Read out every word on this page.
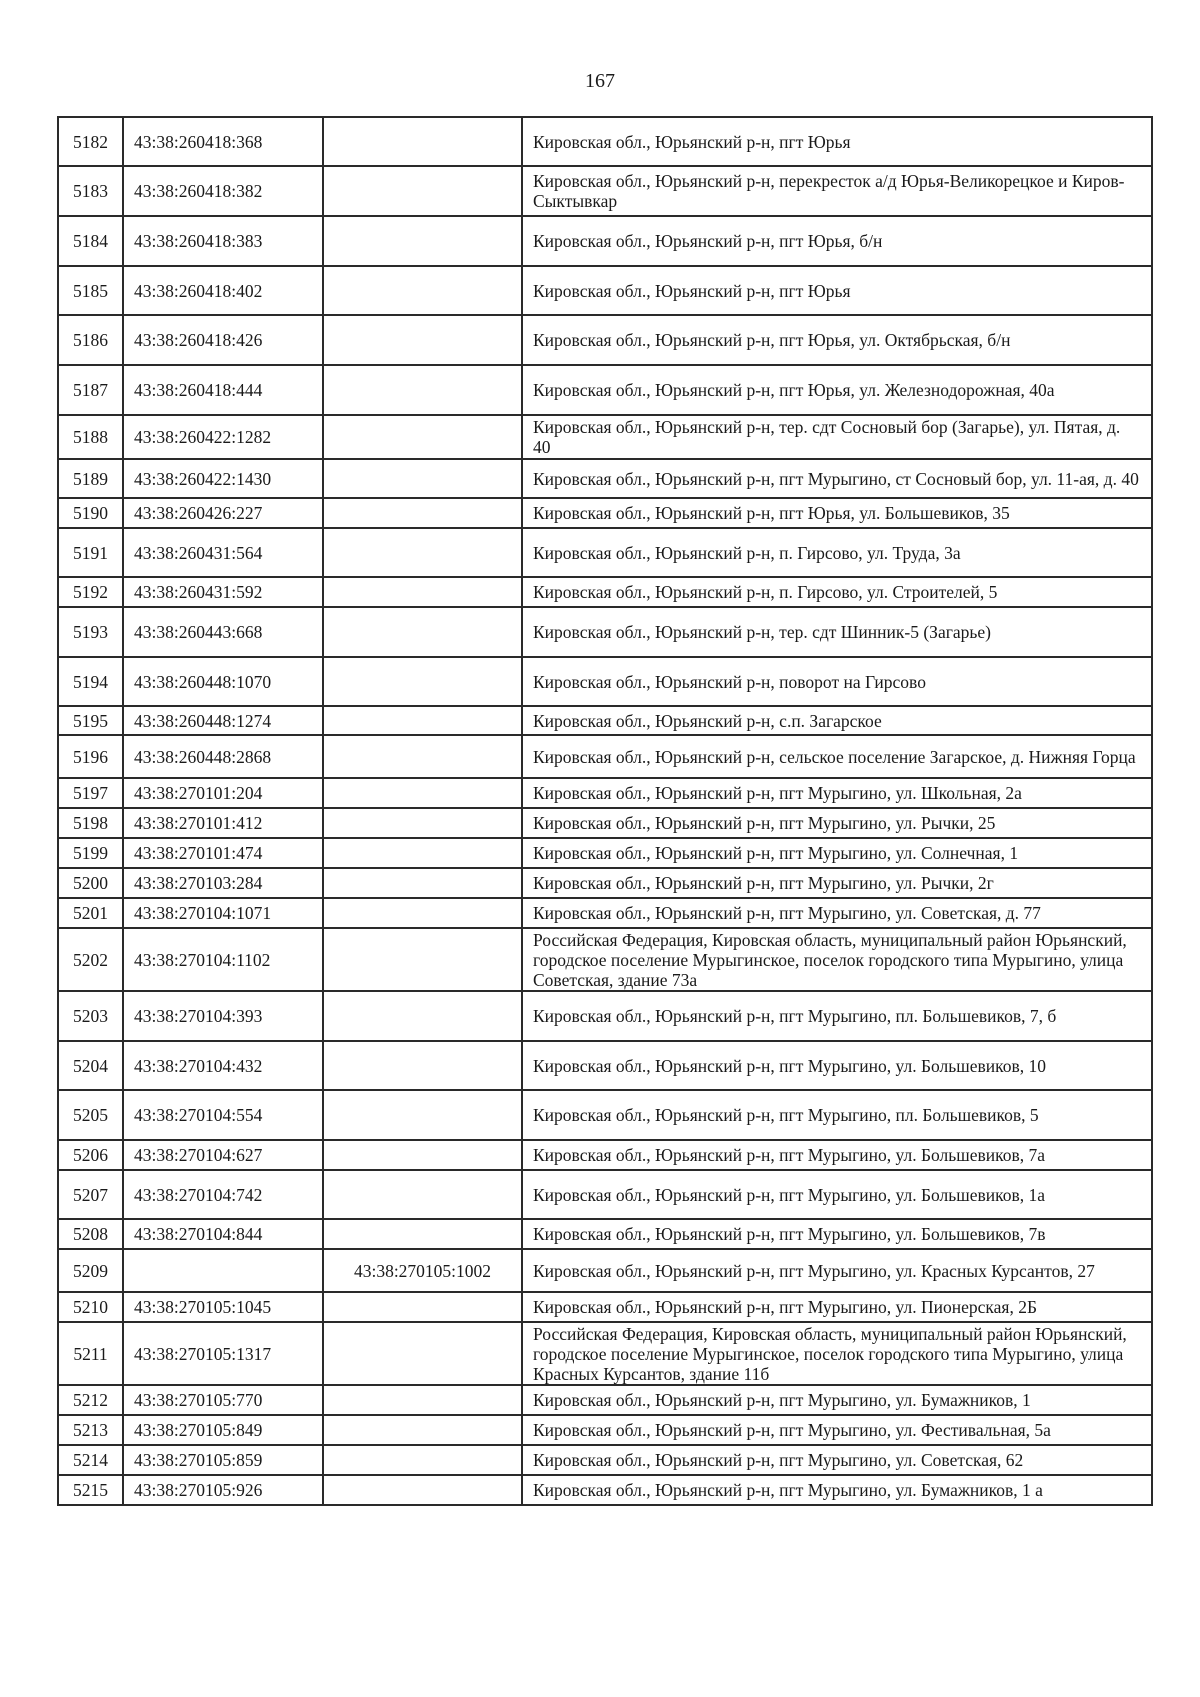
167
5182	43:38:260418:368		Кировская обл., Юрьянский р-н, пгт Юрья
5183	43:38:260418:382		Кировская обл., Юрьянский р-н, перекресток а/д Юрья-Великорецкое и Киров-Сыктывкар
5184	43:38:260418:383		Кировская обл., Юрьянский р-н, пгт Юрья, б/н
5185	43:38:260418:402		Кировская обл., Юрьянский р-н, пгт Юрья
5186	43:38:260418:426		Кировская обл., Юрьянский р-н, пгт Юрья, ул. Октябрьская, б/н
5187	43:38:260418:444		Кировская обл., Юрьянский р-н, пгт Юрья, ул. Железнодорожная, 40а
5188	43:38:260422:1282		Кировская обл., Юрьянский р-н, тер. сдт Сосновый бор (Загарье), ул. Пятая, д. 40
5189	43:38:260422:1430		Кировская обл., Юрьянский р-н, пгт Мурыгино, ст Сосновый бор, ул. 11-ая, д. 40
5190	43:38:260426:227		Кировская обл., Юрьянский р-н, пгт Юрья, ул. Большевиков, 35
5191	43:38:260431:564		Кировская обл., Юрьянский р-н, п. Гирсово, ул. Труда, 3а
5192	43:38:260431:592		Кировская обл., Юрьянский р-н, п. Гирсово, ул. Строителей, 5
5193	43:38:260443:668		Кировская обл., Юрьянский р-н, тер. сдт Шинник-5 (Загарье)
5194	43:38:260448:1070		Кировская обл., Юрьянский р-н, поворот на Гирсово
5195	43:38:260448:1274		Кировская обл., Юрьянский р-н, с.п. Загарское
5196	43:38:260448:2868		Кировская обл., Юрьянский р-н, сельское поселение Загарское, д. Нижняя Горца
5197	43:38:270101:204		Кировская обл., Юрьянский р-н, пгт Мурыгино, ул. Школьная, 2а
5198	43:38:270101:412		Кировская обл., Юрьянский р-н, пгт Мурыгино, ул. Рычки, 25
5199	43:38:270101:474		Кировская обл., Юрьянский р-н, пгт Мурыгино, ул. Солнечная, 1
5200	43:38:270103:284		Кировская обл., Юрьянский р-н, пгт Мурыгино, ул. Рычки, 2г
5201	43:38:270104:1071		Кировская обл., Юрьянский р-н, пгт Мурыгино, ул. Советская, д. 77
5202	43:38:270104:1102		Российская Федерация, Кировская область, муниципальный район Юрьянский, городское поселение Мурыгинское, поселок городского типа Мурыгино, улица Советская, здание 73а
5203	43:38:270104:393		Кировская обл., Юрьянский р-н, пгт Мурыгино, пл. Большевиков, 7, б
5204	43:38:270104:432		Кировская обл., Юрьянский р-н, пгт Мурыгино, ул. Большевиков, 10
5205	43:38:270104:554		Кировская обл., Юрьянский р-н, пгт Мурыгино, пл. Большевиков, 5
5206	43:38:270104:627		Кировская обл., Юрьянский р-н, пгт Мурыгино, ул. Большевиков, 7а
5207	43:38:270104:742		Кировская обл., Юрьянский р-н, пгт Мурыгино, ул. Большевиков, 1а
5208	43:38:270104:844		Кировская обл., Юрьянский р-н, пгт Мурыгино, ул. Большевиков, 7в
5209		43:38:270105:1002	Кировская обл., Юрьянский р-н, пгт Мурыгино, ул. Красных Курсантов, 27
5210	43:38:270105:1045		Кировская обл., Юрьянский р-н, пгт Мурыгино, ул. Пионерская, 2Б
5211	43:38:270105:1317		Российская Федерация, Кировская область, муниципальный район Юрьянский, городское поселение Мурыгинское, поселок городского типа Мурыгино, улица Красных Курсантов, здание 11б
5212	43:38:270105:770		Кировская обл., Юрьянский р-н, пгт Мурыгино, ул. Бумажников, 1
5213	43:38:270105:849		Кировская обл., Юрьянский р-н, пгт Мурыгино, ул. Фестивальная, 5а
5214	43:38:270105:859		Кировская обл., Юрьянский р-н, пгт Мурыгино, ул. Советская, 62
5215	43:38:270105:926		Кировская обл., Юрьянский р-н, пгт Мурыгино, ул. Бумажников, 1 а
